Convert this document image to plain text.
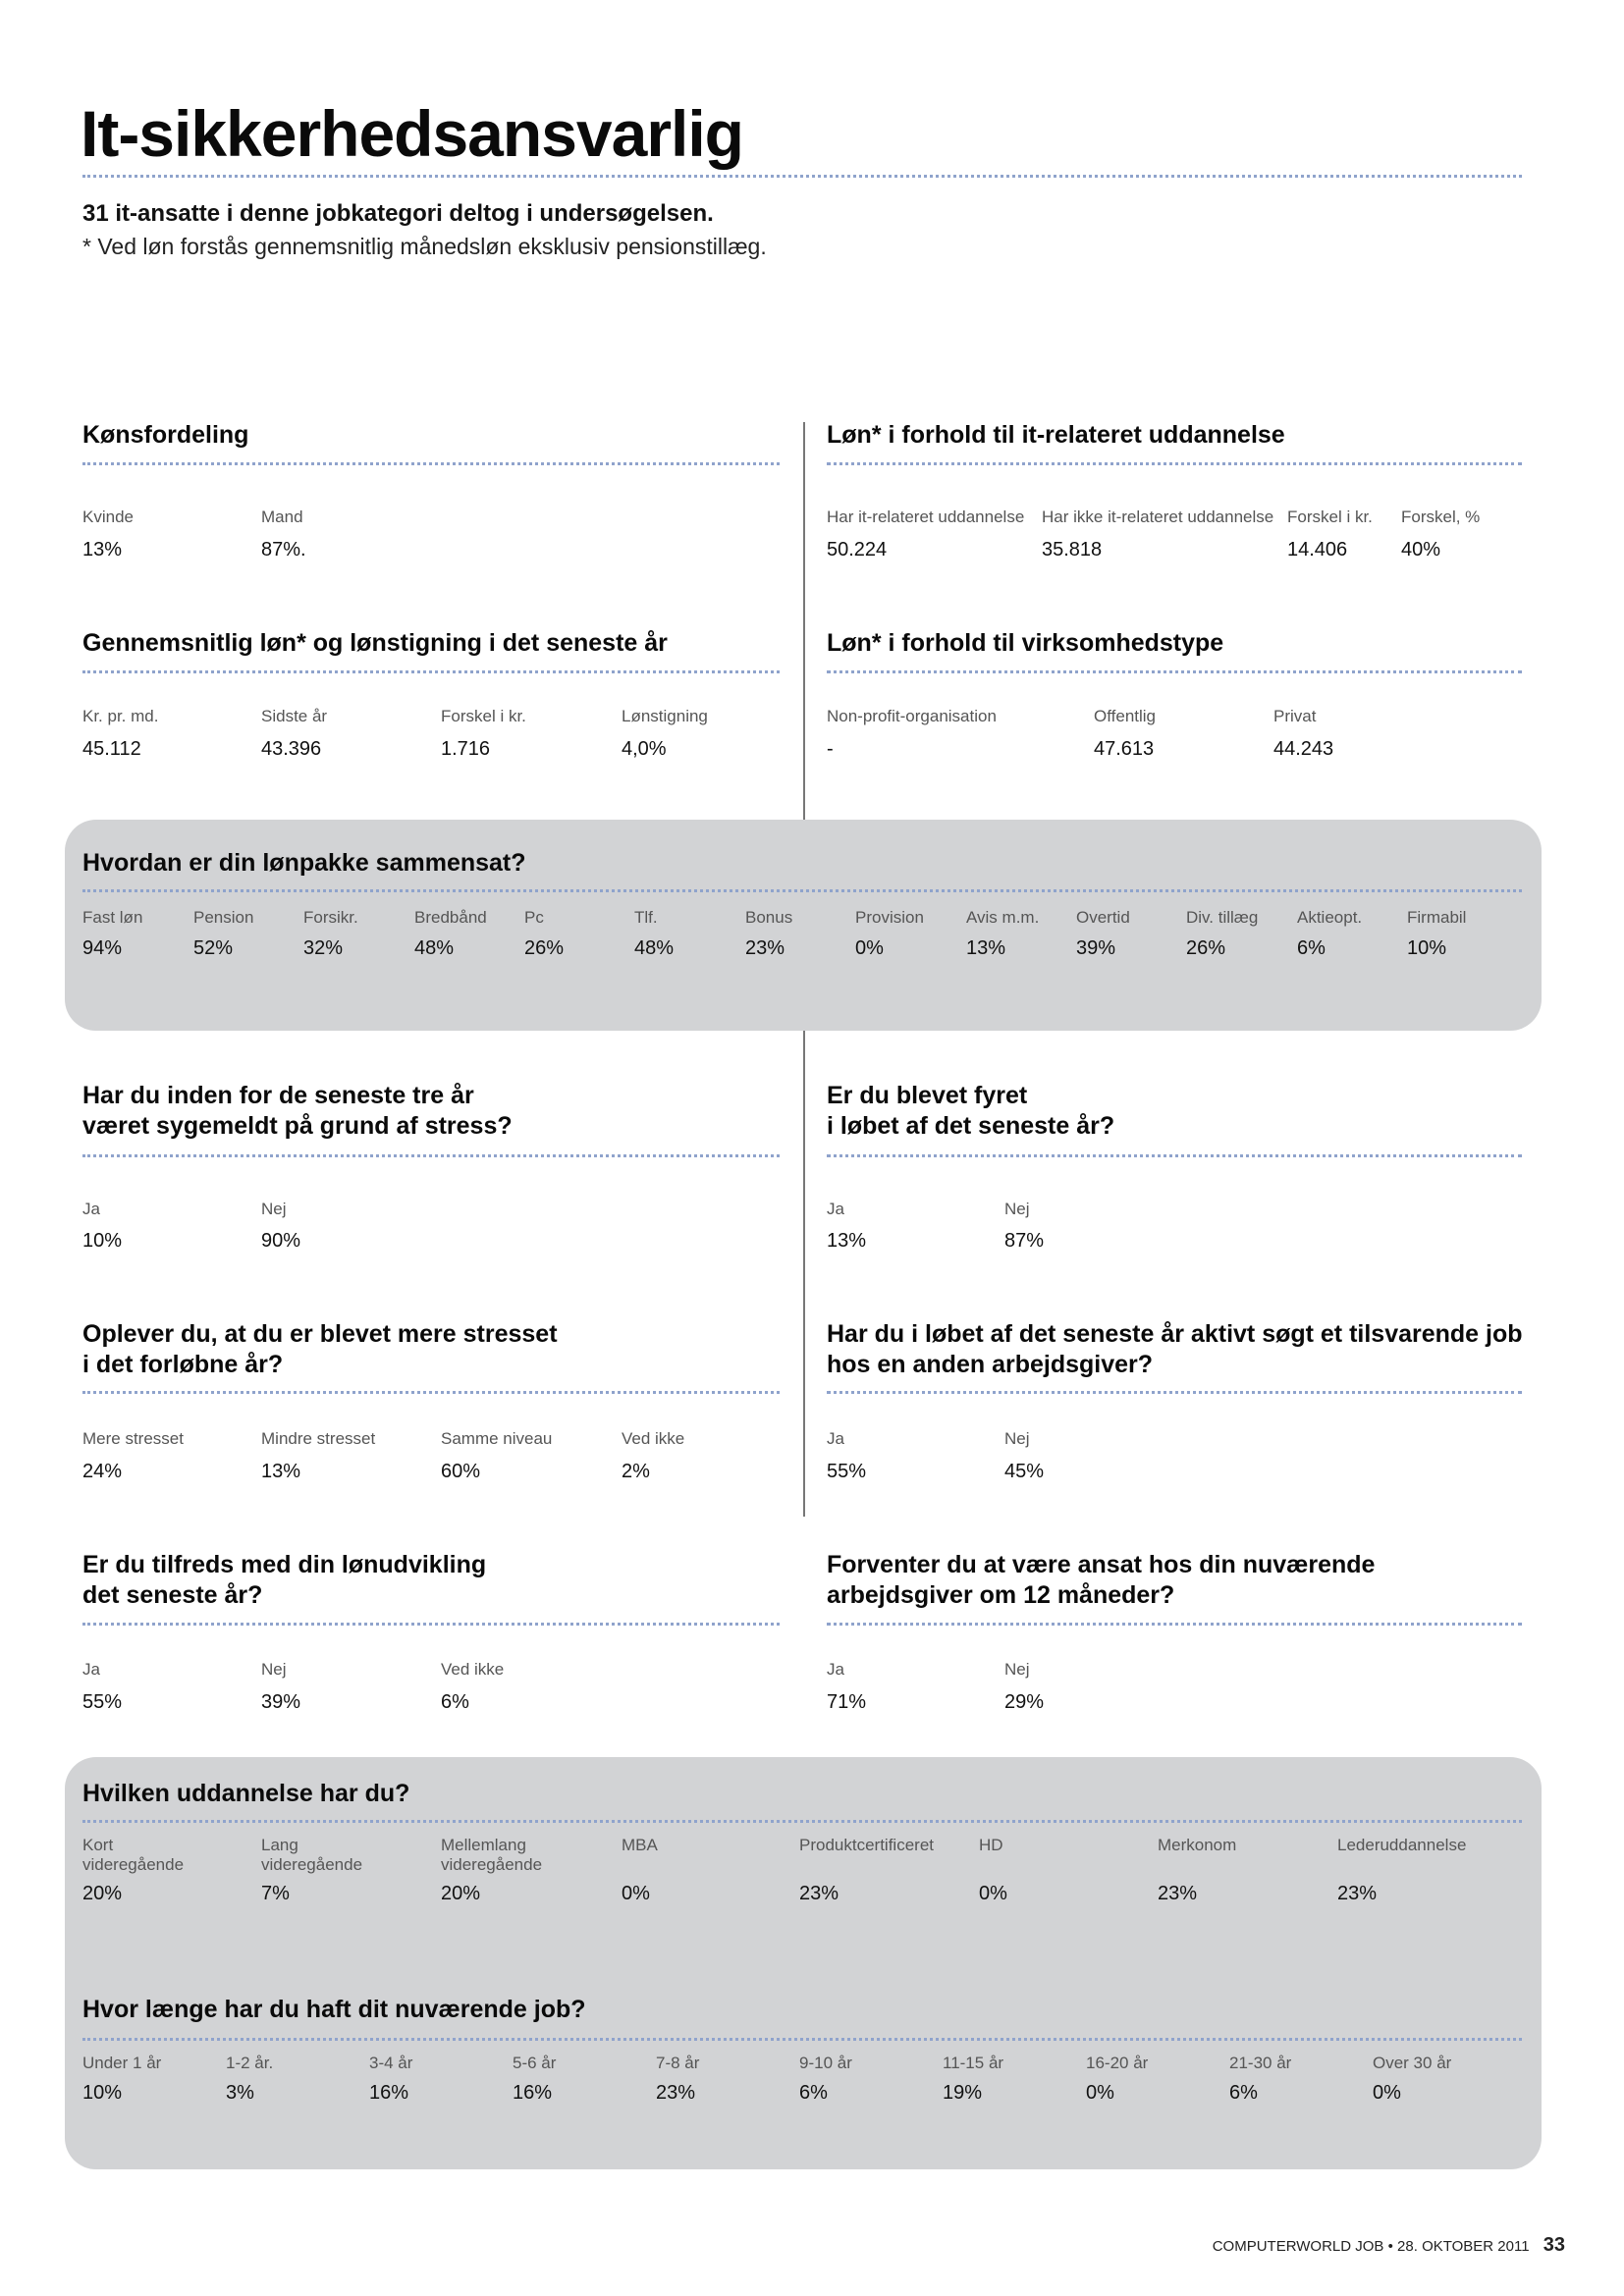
It-sikkerhedsansvarlig
31 it-ansatte i denne jobkategori deltog i undersøgelsen.
* Ved løn forstås gennemsnitlig månedsløn eksklusiv pensionstillæg.
Kønsfordeling
Kvinde
13%
Mand
87%.
Løn* i forhold til it-relateret uddannelse
Har it-relateret uddannelse
50.224
Har ikke it-relateret uddannelse
35.818
Forskel i kr.
14.406
Forskel, %
40%
Gennemsnitlig løn* og lønstigning i det seneste år
Kr. pr. md.
45.112
Sidste år
43.396
Forskel i kr.
1.716
Lønstigning
4,0%
Løn* i forhold til virksomhedstype
Non-profit-organisation
-
Offentlig
47.613
Privat
44.243
Hvordan er din lønpakke sammensat?
Fast løn
94%
Pension
52%
Forsikr.
32%
Bredbånd
48%
Pc
26%
Tlf.
48%
Bonus
23%
Provision
0%
Avis m.m.
13%
Overtid
39%
Div. tillæg
26%
Aktieopt.
6%
Firmabil
10%
Har du inden for de seneste tre år
været sygemeldt på grund af stress?
Ja
10%
Nej
90%
Er du blevet fyret
i løbet af det seneste år?
Ja
13%
Nej
87%
Oplever du, at du er blevet mere stresset
i det forløbne år?
Mere stresset
24%
Mindre stresset
13%
Samme niveau
60%
Ved ikke
2%
Har du i løbet af det seneste år aktivt søgt et tilsvarende job
hos en anden arbejdsgiver?
Ja
55%
Nej
45%
Er du tilfreds med din lønudvikling
det seneste år?
Ja
55%
Nej
39%
Ved ikke
6%
Forventer du at være ansat hos din nuværende
arbejdsgiver om 12 måneder?
Ja
71%
Nej
29%
Hvilken uddannelse har du?
Kort
videregående
20%
Lang
videregående
7%
Mellemlang
videregående
20%
MBA
0%
Produktcertificeret
23%
HD
0%
Merkonom
23%
Lederuddannelse
23%
Hvor længe har du haft dit nuværende job?
Under 1 år
10%
1-2 år.
3%
3-4 år
16%
5-6 år
16%
7-8 år
23%
9-10 år
6%
11-15 år
19%
16-20 år
0%
21-30 år
6%
Over 30 år
0%
COMPUTERWORLD JOB • 28. OKTOBER 2011 33
